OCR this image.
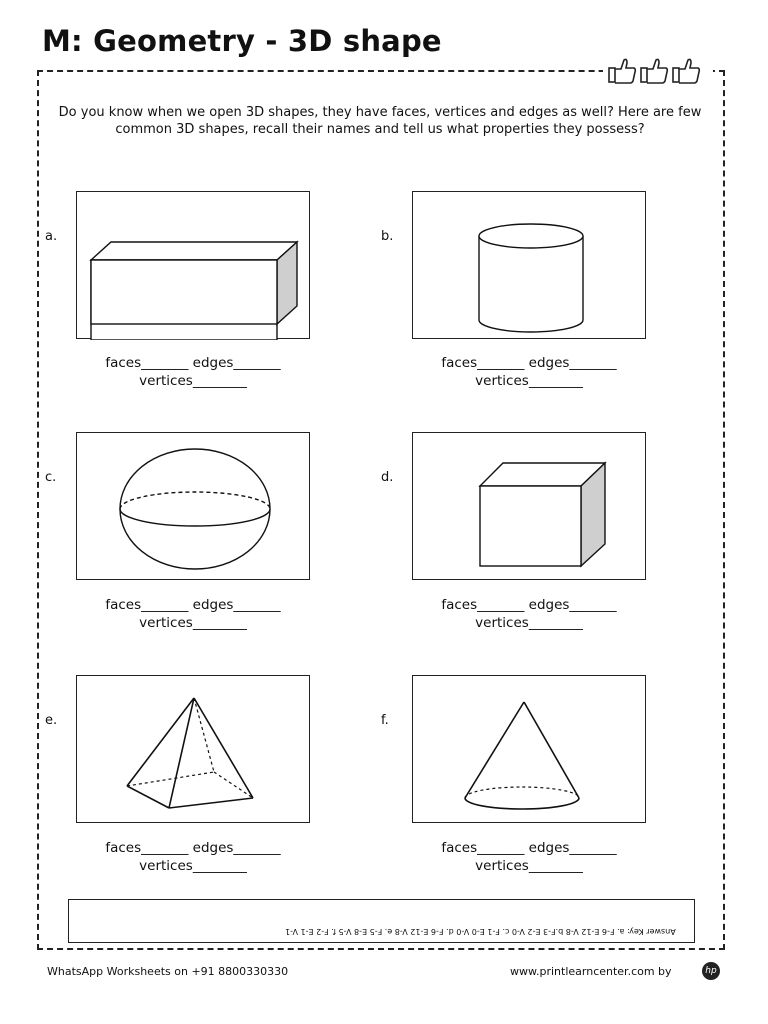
M: Geometry - 3D shape
Do you know when we open 3D shapes, they have faces, vertices and edges as well? Here are few common 3D shapes, recall their names and tell us what properties they possess?
a.
faces_______ edges_______
vertices________
b.
faces_______ edges_______
vertices________
c.
faces_______ edges_______
vertices________
d.
faces_______ edges_______
vertices________
e.
faces_______ edges_______
vertices________
f.
faces_______ edges_______
vertices________
Answer Key: a. F-6 E-12 V-8 b.F-3 E-2 V-0 c. F-1 E-0 V-0 d. F-6 E-12 V-8 e. F-5 E-8 V-5 f. F-2 E-1 V-1
WhatsApp Worksheets on +91 8800330330	www.printlearncenter.com by	hp
